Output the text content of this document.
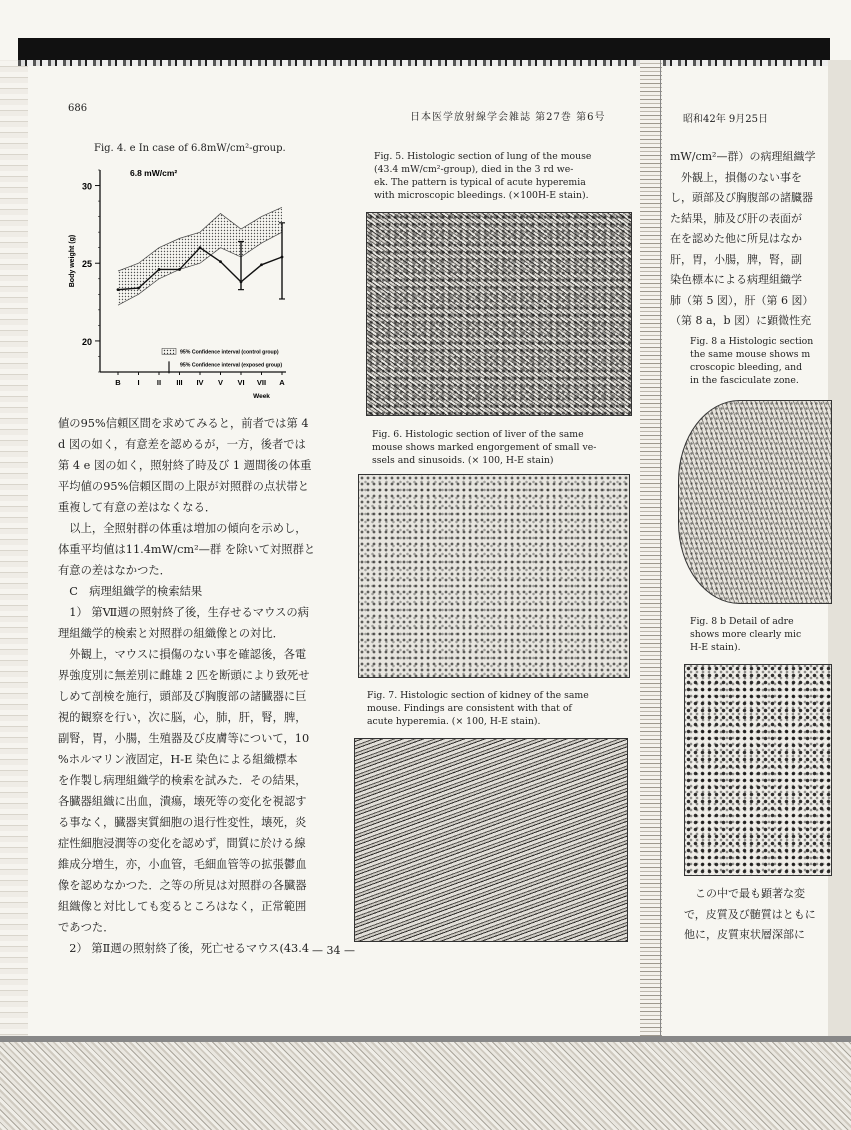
686
日本医学放射線学会雑誌 第27巻 第6号	昭和42年 9月25日
Fig. 4. e In case of 6.8mW/cm²-group.
30
25
20
B I II III IV V VI VII A
Week
Body weight (g)
6.8 mW/cm²
95% Confidence interval (control group)
95% Confidence interval (exposed group)

値の95%信頼区間を求めてみると，前者では第 4

d 図の如く，有意差を認めるが，一方，後者では

第 4 e 図の如く，照射終了時及び 1 週間後の体重

平均値の95%信頼区間の上限が対照群の点状帯と

重複して有意の差はなくなる．

　以上，全照射群の体重は増加の傾向を示めし，

体重平均値は11.4mW/cm²—群 を除いて対照群と

有意の差はなかつた．

　C　病理組織学的検索結果

　1） 第Ⅶ週の照射終了後，生存せるマウスの病

理組織学的検索と対照群の組織像との対比．

　外観上，マウスに損傷のない事を確認後，各電

界強度別に無差別に雌雄 2 匹を断頭により致死せ

しめて剖検を施行，頭部及び胸腹部の諸臓器に巨

視的観察を行い，次に脳，心，肺，肝，腎，脾，

副腎，胃，小腸，生殖器及び皮膚等について，10

%ホルマリン液固定，H-E 染色による組織標本

を作製し病理組織学的検索を試みた．その結果，

各臓器組織に出血，潰瘍，壊死等の変化を視認す

る事なく，臓器実質細胞の退行性変性，壊死，炎

症性細胞浸潤等の変化を認めず，間質に於ける線

維成分増生，亦，小血管，毛細血管等の拡張鬱血

像を認めなかつた．之等の所見は対照群の各臓器

組織像と対比しても変るところはなく，正常範囲

であつた．

　2） 第Ⅱ週の照射終了後，死亡せるマウス(43.4

Fig. 5. Histologic section of lung of the mouse

(43.4 mW/cm²-group), died in the 3 rd we-

ek. The pattern is typical of acute hyperemia

with microscopic bleedings. (×100H-E stain).

Fig. 6. Histologic section of liver of the same

mouse shows marked engorgement of small ve-

ssels and sinusoids. (× 100, H-E stain)

Fig. 7. Histologic section of kidney of the same

mouse. Findings are consistent with that of

acute hyperemia. (× 100, H-E stain).

mW/cm²—群）の病理組織学

　外観上，損傷のない事を

し，頭部及び胸腹部の諸臓器

た結果，肺及び肝の表面が

在を認めた他に所見はなか

肝，胃，小腸，脾，腎，副

染色標本による病理組織学

肺（第 5 図），肝（第 6 図）

（第 8 a，b 図）に顕微性充

Fig. 8 a Histologic section

the same mouse shows m

croscopic bleeding, and

in the fasciculate zone.

Fig. 8 b Detail of adre

shows more clearly mic

H-E stain).

　この中で最も顕著な変

で，皮質及び髄質はともに

他に，皮質束状層深部に

— 34 —
